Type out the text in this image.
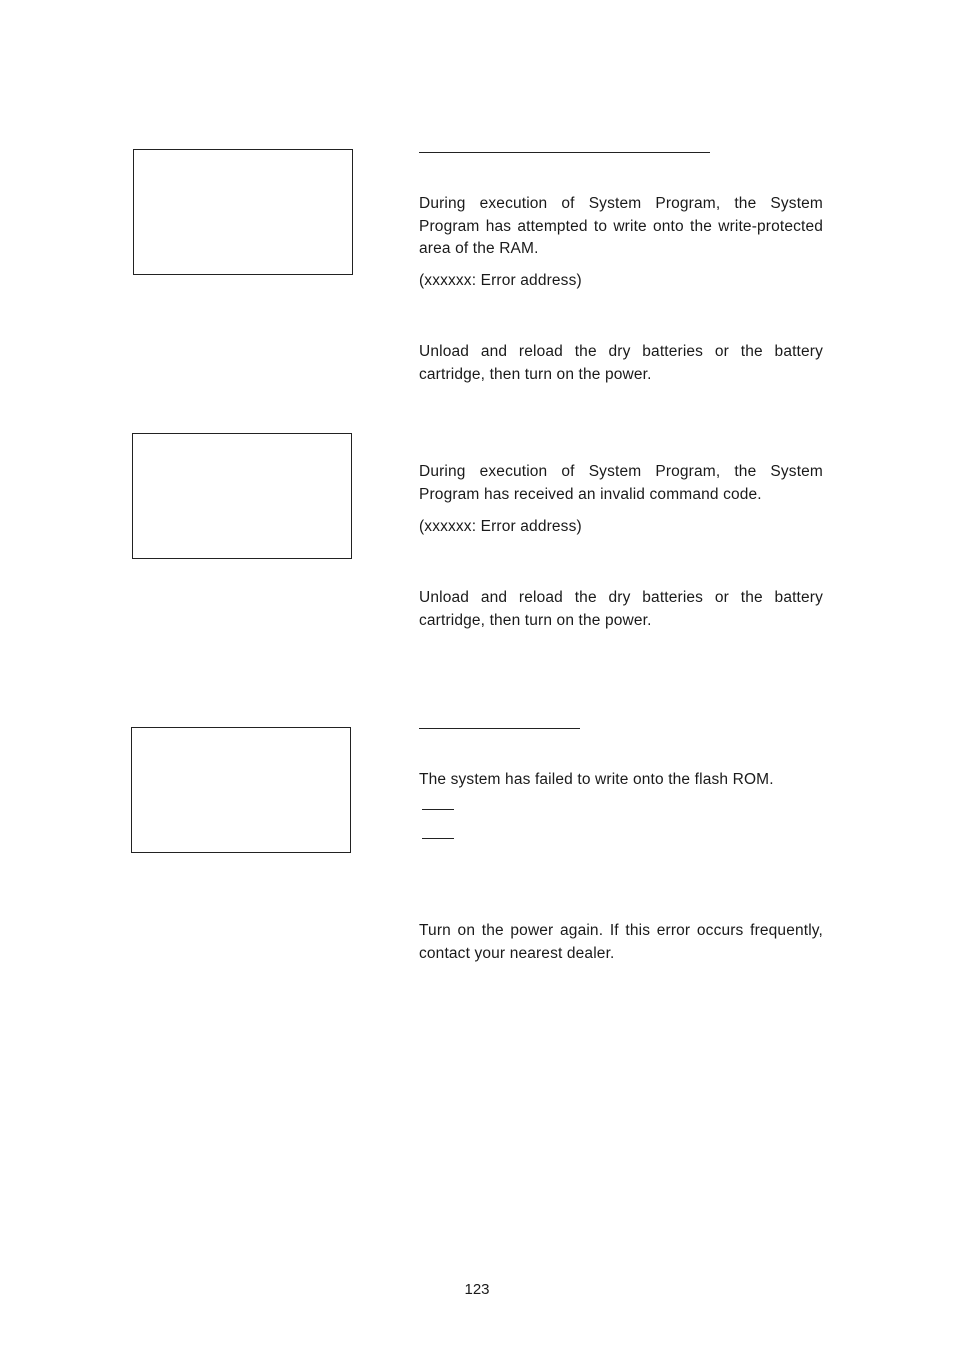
During execution of System Program, the System Program has attempted to write onto the write-protected area of the RAM.

(xxxxxx: Error address)

Unload and reload the dry batteries or the battery cartridge, then turn on the power.

During execution of System Program, the System Program has received an invalid command code.

(xxxxxx: Error address)

Unload and reload the dry batteries or the battery cartridge, then turn on the power.

The system has failed to write onto the flash ROM.

Turn on the power again. If this error occurs frequently, contact your nearest dealer.

123
